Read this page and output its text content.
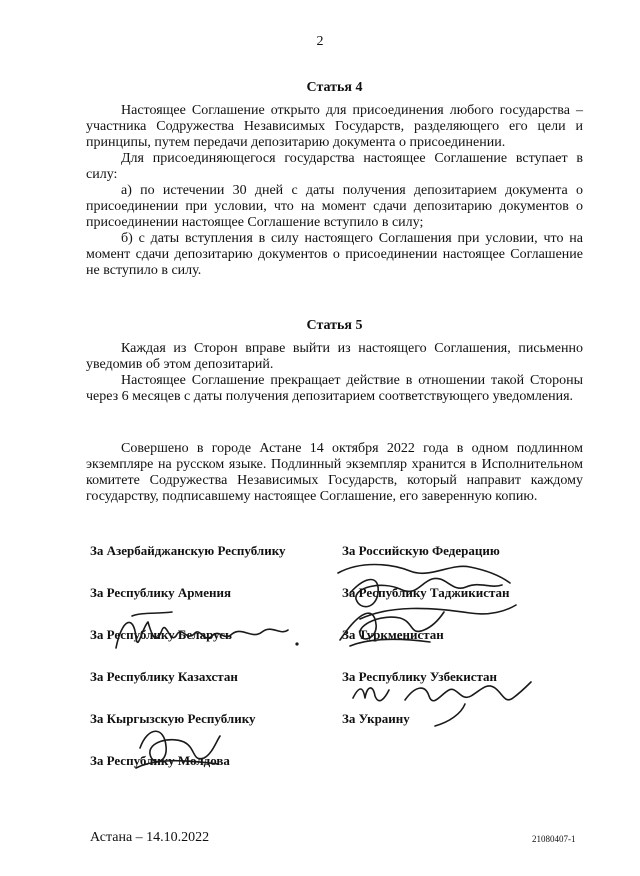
2
Статья 4

Настоящее Соглашение открыто для присоединения любого государства – участника Содружества Независимых Государств, разделяющего его цели и принципы, путем передачи депозитарию документа о присоединении.

Для присоединяющегося государства настоящее Соглашение вступает в силу:

а) по истечении 30 дней с даты получения депозитарием документа о присоединении при условии, что на момент сдачи депозитарию документов о присоединении настоящее Соглашение вступило в силу;

б) с даты вступления в силу настоящего Соглашения при условии, что на момент сдачи депозитарию документов о присоединении настоящее Соглашение не вступило в силу.

Статья 5

Каждая из Сторон вправе выйти из настоящего Соглашения, письменно уведомив об этом депозитарий.

Настоящее Соглашение прекращает действие в отношении такой Стороны через 6 месяцев с даты получения депозитарием соответствующего уведомления.

Совершено в городе Астане 14 октября 2022 года в одном подлинном экземпляре на русском языке. Подлинный экземпляр хранится в Исполнительном комитете Содружества Независимых Государств, который направит каждому государству, подписавшему настоящее Соглашение, его заверенную копию.

За Азербайджанскую Республику
За Республику Армения
За Республику Беларусь
За Республику Казахстан
За Кыргызскую Республику
За Республику Молдова
За Российскую Федерацию
За Республику Таджикистан
За Туркменистан
За Республику Узбекистан
За Украину
Астана – 14.10.2022	21080407-1
